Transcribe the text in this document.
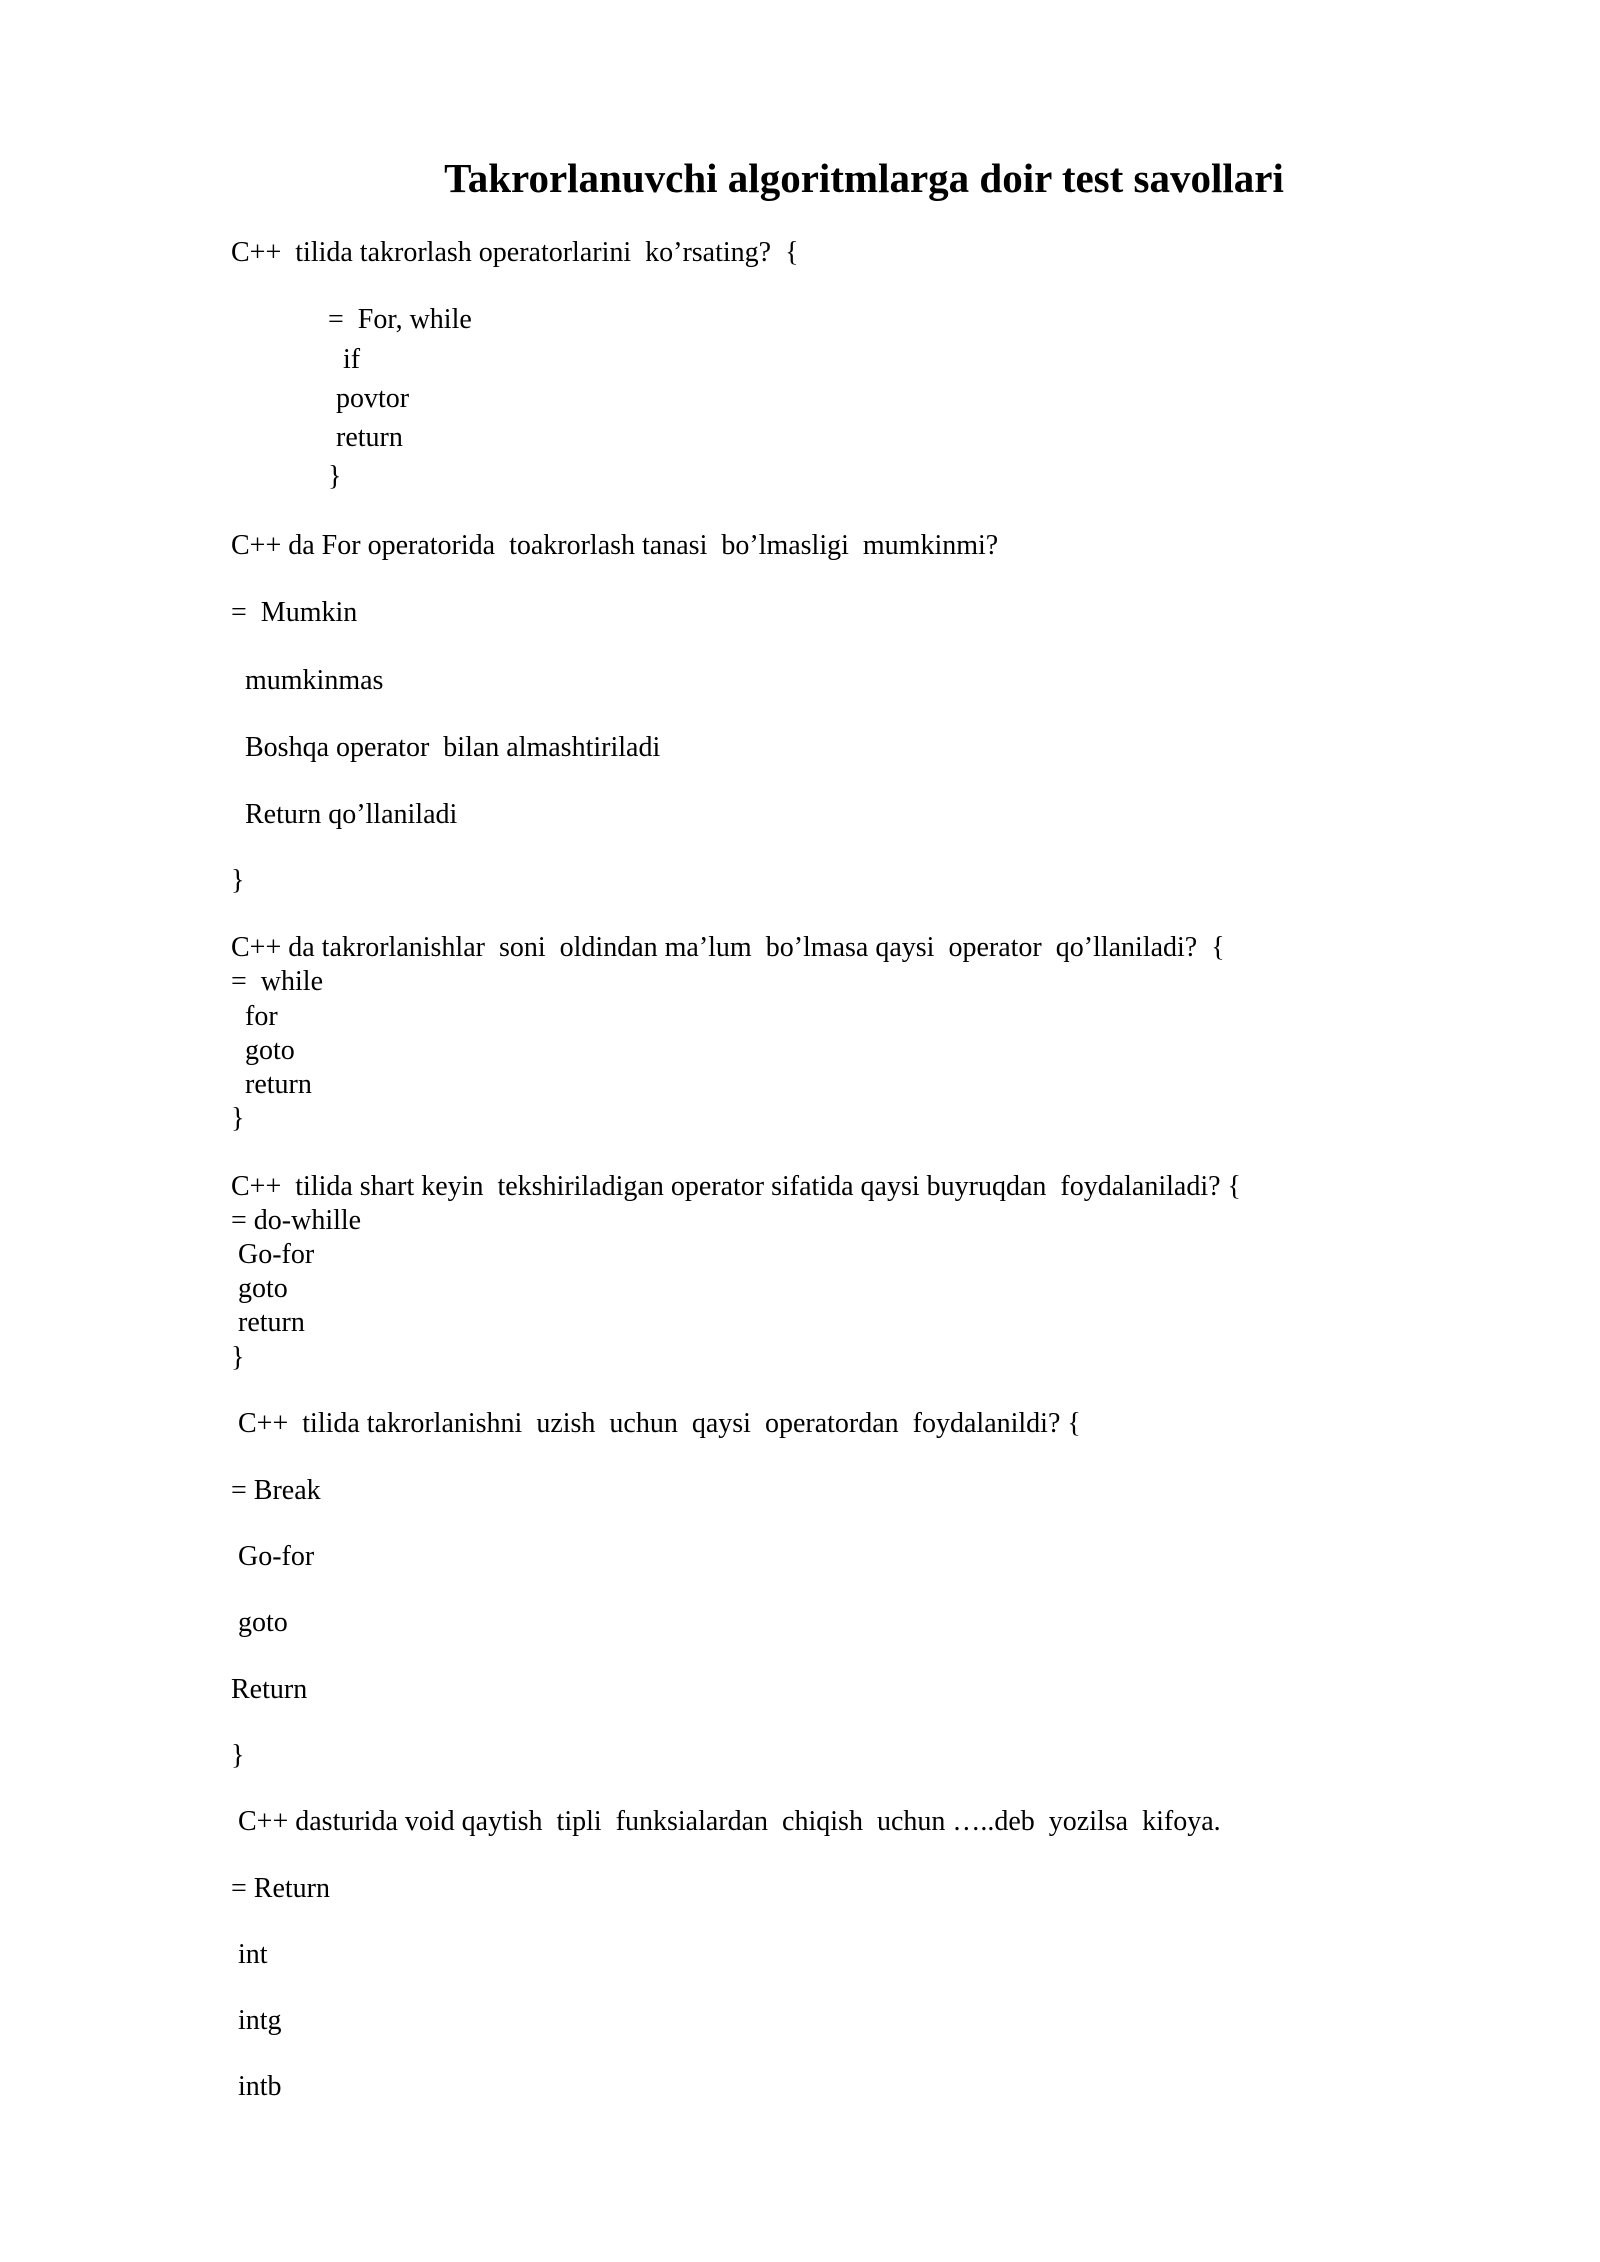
Takrorlanuvchi algoritmlarga doir test savollari

C++  tilida takrorlash operatorlarini  ko’rsating?  {

=  For, while

if

povtor

return

}

C++ da For operatorida  toakrorlash tanasi  bo’lmasligi  mumkinmi?

=  Mumkin

mumkinmas

Boshqa operator  bilan almashtiriladi

Return qo’llaniladi

}

C++ da takrorlanishlar  soni  oldindan ma’lum  bo’lmasa qaysi  operator  qo’llaniladi?  {

=  while

for

goto

return

}

C++  tilida shart keyin  tekshiriladigan operator sifatida qaysi buyruqdan  foydalaniladi? {

= do-whille

Go-for

goto

return

}

C++  tilida takrorlanishni  uzish  uchun  qaysi  operatordan  foydalanildi? {

= Break

Go-for

goto

Return

}

C++ dasturida void qaytish  tipli  funksialardan  chiqish  uchun …..deb  yozilsa  kifoya.

= Return

int

intg

intb
